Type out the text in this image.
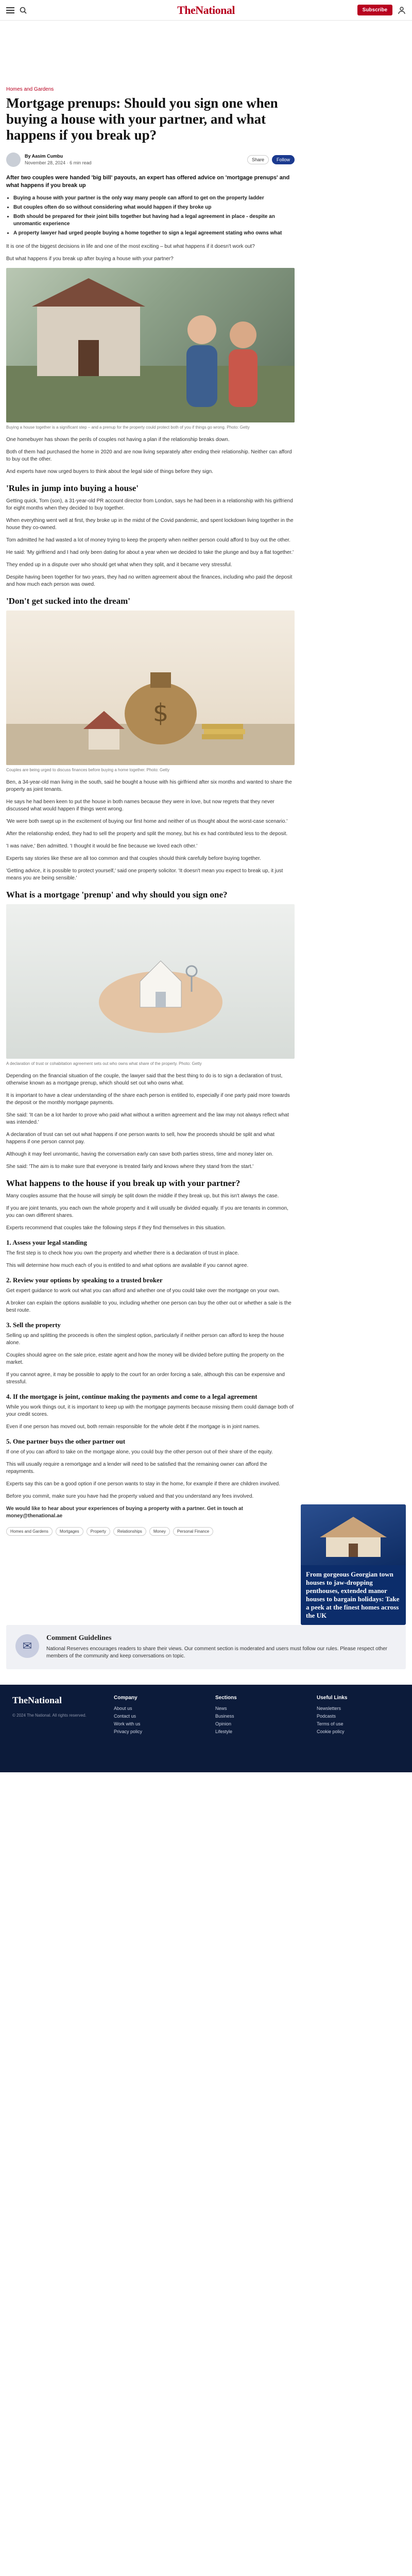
TheNational	Subscribe
Homes and Gardens
Mortgage prenups: Should you sign one when buying a house with your partner, and what happens if you break up?
By Aasim Cumbu
November 28, 2024 · 6 min read
Share	Follow
After two couples were handed 'big bill' payouts, an expert has offered advice on 'mortgage prenups' and what happens if you break up
• Buying a house with your partner is the only way many people can afford to get on the property ladder
• But couples often do so without considering what would happen if they broke up
• Both should be prepared for their joint bills together but having had a legal agreement in place - despite an unromantic experience
• A property lawyer had urged people buying a home together to sign a legal agreement stating who owns what

It is one of the biggest decisions in life and one of the most exciting – but what happens if it doesn't work out?

But what happens if you break up after buying a house with your partner?

Buying a house together is a significant step – and a prenup for the property could protect both of you if things go wrong. Photo: Getty

One homebuyer has shown the perils of couples not having a plan if the relationship breaks down.

Both of them had purchased the home in 2020 and are now living separately after ending their relationship. Neither can afford to buy out the other.

And experts have now urged buyers to think about the legal side of things before they sign.

'Rules in jump into buying a house'

Getting quick, Tom (son), a 31-year-old PR account director from London, says he had been in a relationship with his girlfriend for eight months when they decided to buy together.

When everything went well at first, they broke up in the midst of the Covid pandemic, and spent lockdown living together in the house they co-owned.

Tom admitted he had wasted a lot of money trying to keep the property when neither person could afford to buy out the other.

He said: 'My girlfriend and I had only been dating for about a year when we decided to take the plunge and buy a flat together.'

They ended up in a dispute over who should get what when they split, and it became very stressful.

Despite having been together for two years, they had no written agreement about the finances, including who paid the deposit and how much each person was owed.

'Don't get sucked into the dream'
$
Couples are being urged to discuss finances before buying a home together. Photo: Getty

Ben, a 34-year-old man living in the south, said he bought a house with his girlfriend after six months and wanted to share the property as joint tenants.

He says he had been keen to put the house in both names because they were in love, but now regrets that they never discussed what would happen if things went wrong.

'We were both swept up in the excitement of buying our first home and neither of us thought about the worst-case scenario.'

After the relationship ended, they had to sell the property and split the money, but his ex had contributed less to the deposit.

'I was naive,' Ben admitted. 'I thought it would be fine because we loved each other.'

Experts say stories like these are all too common and that couples should think carefully before buying together.

'Getting advice, it is possible to protect yourself,' said one property solicitor. 'It doesn't mean you expect to break up, it just means you are being sensible.'

What is a mortgage 'prenup' and why should you sign one?
A declaration of trust or cohabitation agreement sets out who owns what share of the property. Photo: Getty

Depending on the financial situation of the couple, the lawyer said that the best thing to do is to sign a declaration of trust, otherwise known as a mortgage prenup, which should set out who owns what.

It is important to have a clear understanding of the share each person is entitled to, especially if one party paid more towards the deposit or the monthly mortgage payments.

She said: 'It can be a lot harder to prove who paid what without a written agreement and the law may not always reflect what was intended.'

A declaration of trust can set out what happens if one person wants to sell, how the proceeds should be split and what happens if one person cannot pay.

Although it may feel unromantic, having the conversation early can save both parties stress, time and money later on.

She said: 'The aim is to make sure that everyone is treated fairly and knows where they stand from the start.'

What happens to the house if you break up with your partner?

Many couples assume that the house will simply be split down the middle if they break up, but this isn't always the case.

If you are joint tenants, you each own the whole property and it will usually be divided equally. If you are tenants in common, you can own different shares.

Experts recommend that couples take the following steps if they find themselves in this situation.

1. Assess your legal standing

The first step is to check how you own the property and whether there is a declaration of trust in place.

This will determine how much each of you is entitled to and what options are available if you cannot agree.

2. Review your options by speaking to a trusted broker

Get expert guidance to work out what you can afford and whether one of you could take over the mortgage on your own.

A broker can explain the options available to you, including whether one person can buy the other out or whether a sale is the best route.

3. Sell the property

Selling up and splitting the proceeds is often the simplest option, particularly if neither person can afford to keep the house alone.

Couples should agree on the sale price, estate agent and how the money will be divided before putting the property on the market.

If you cannot agree, it may be possible to apply to the court for an order forcing a sale, although this can be expensive and stressful.

4. If the mortgage is joint, continue making the payments and come to a legal agreement

While you work things out, it is important to keep up with the mortgage payments because missing them could damage both of your credit scores.

Even if one person has moved out, both remain responsible for the whole debt if the mortgage is in joint names.

5. One partner buys the other partner out

If one of you can afford to take on the mortgage alone, you could buy the other person out of their share of the equity.

This will usually require a remortgage and a lender will need to be satisfied that the remaining owner can afford the repayments.

Experts say this can be a good option if one person wants to stay in the home, for example if there are children involved.

Before you commit, make sure you have had the property valued and that you understand any fees involved.

We would like to hear about your experiences of buying a property with a partner. Get in touch at money@thenational.ae

Homes and Gardens	Mortgages	Property	Relationships	Money	Personal Finance
From gorgeous Georgian town houses to jaw-dropping penthouses, extended manor houses to bargain holidays: Take a peek at the finest homes across the UK
✉
Comment Guidelines

National Reserves encourages readers to share their views. Our comment section is moderated and users must follow our rules. Please respect other members of the community and keep conversations on topic.

TheNational
© 2024 The National. All rights reserved.
Company
About us
Contact us
Work with us
Privacy policy
Sections
News
Business
Opinion
Lifestyle
Useful Links
Newsletters
Podcasts
Terms of use
Cookie policy
